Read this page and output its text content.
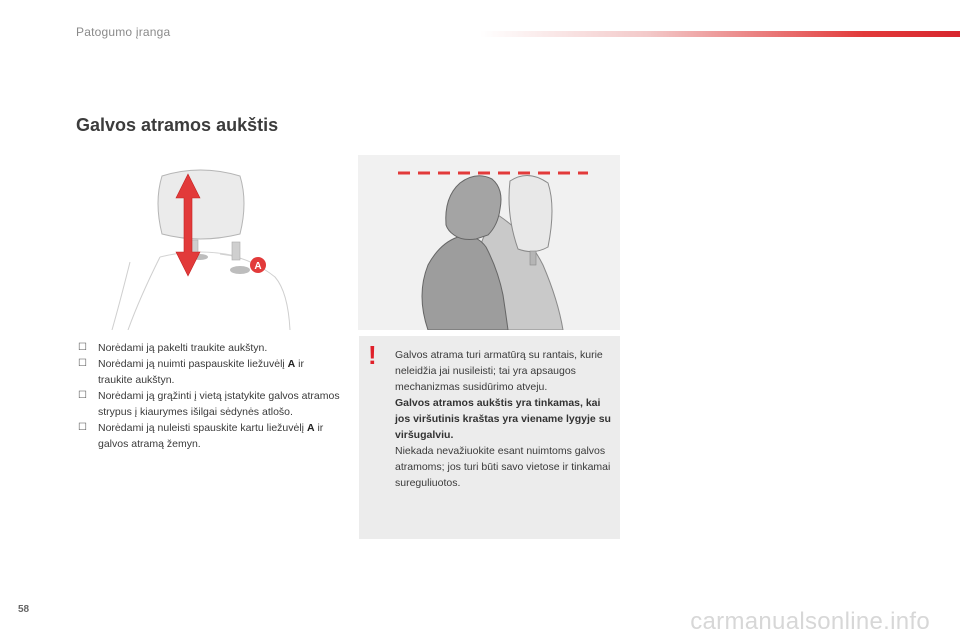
Patogumo įranga
Galvos atramos aukštis
A
☐ Norėdami ją pakelti traukite aukštyn.
☐ Norėdami ją nuimti paspauskite liežuvėlį A ir traukite aukštyn.
☐ Norėdami ją grąžinti į vietą įstatykite galvos atramos strypus į kiaurymes išilgai sėdynės atlošo.
☐ Norėdami ją nuleisti spauskite kartu liežuvėlį A ir galvos atramą žemyn.
! Galvos atrama turi armatūrą su rantais, kurie neleidžia jai nusileisti; tai yra apsaugos mechanizmas susidūrimo atveju.
Galvos atramos aukštis yra tinkamas, kai jos viršutinis kraštas yra viename lygyje su viršugalviu.
Niekada nevažiuokite esant nuimtoms galvos atramoms; jos turi būti savo vietose ir tinkamai sureguliuotos.
58	carmanualsonline.info
